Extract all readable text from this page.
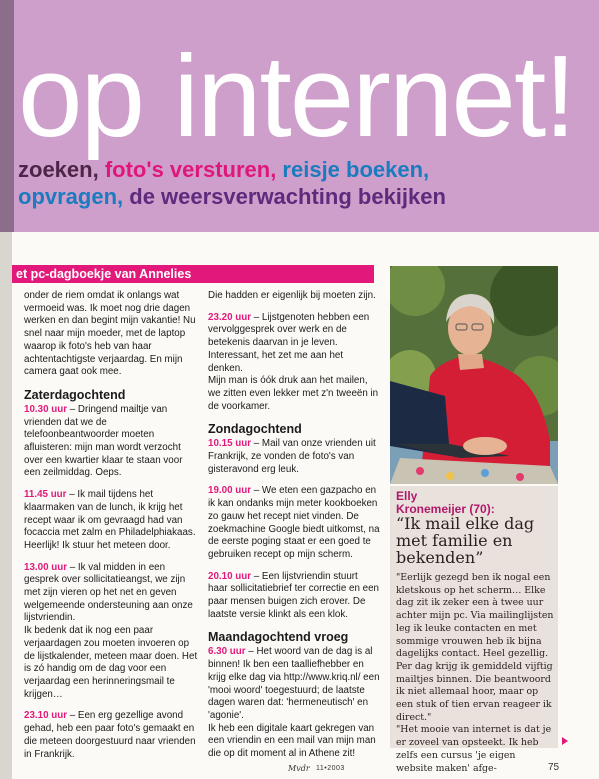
op internet!
zoeken, foto's versturen, reisje boeken,
opvragen, de weersverwachting bekijken
et pc-dagboekje van Annelies

onder de riem omdat ik onlangs wat vermoeid was. Ik moet nog drie dagen werken en dan begint mijn vakantie! Nu snel naar mijn moeder, met de laptop waarop ik foto's heb van haar achtentachtigste verjaardag. En mijn camera gaat ook mee.

Zaterdagochtend

10.30 uur – Dringend mailtje van vrienden dat we de telefoonbeantwoorder moeten afluisteren: mijn man wordt verzocht over een kwartier klaar te staan voor een zeilmiddag. Oeps.

11.45 uur – Ik mail tijdens het klaarmaken van de lunch, ik krijg het recept waar ik om gevraagd had van focaccia met zalm en Philadelphiakaas. Heerlijk! Ik stuur het meteen door.

13.00 uur – Ik val midden in een gesprek over sollicitatieangst, we zijn met zijn vieren op het net en geven welgemeende ondersteuning aan onze lijstvriendin.

Ik bedenk dat ik nog een paar verjaardagen zou moeten invoeren op de lijstkalender, meteen maar doen. Het is zó handig om de dag voor een verjaardag een herinneringsmail te krijgen…

23.10 uur – Een erg gezellige avond gehad, heb een paar foto's gemaakt en die meteen doorgestuurd naar vrienden in Frankrijk.

Die hadden er eigenlijk bij moeten zijn.

23.20 uur – Lijstgenoten hebben een vervolggesprek over werk en de betekenis daarvan in je leven. Interessant, het zet me aan het denken.

Mijn man is óók druk aan het mailen, we zitten even lekker met z'n tweeën in de voorkamer.

Zondagochtend

10.15 uur – Mail van onze vrienden uit Frankrijk, ze vonden de foto's van gisteravond erg leuk.

19.00 uur – We eten een gazpacho en ik kan ondanks mijn meter kookboeken zo gauw het recept niet vinden. De zoekmachine Google biedt uitkomst, na de eerste poging staat er een goed te gebruiken recept op mijn scherm.

20.10 uur – Een lijstvriendin stuurt haar sollicitatiebrief ter correctie en een paar mensen buigen zich erover. De laatste versie klinkt als een klok.

Maandagochtend vroeg

6.30 uur – Het woord van de dag is al binnen! Ik ben een taalliefhebber en krijg elke dag via http://www.kriq.nl/ een 'mooi woord' toegestuurd; de laatste dagen waren dat: 'hermeneutisch' en 'agonie'.

Ik heb een digitale kaart gekregen van een vriendin en een mail van mijn man die op dit moment al in Athene zit!

Elly
Kronemeijer (70):
“Ik mail elke dag met familie en bekenden”

"Eerlijk gezegd ben ik nogal een kletskous op het scherm… Elke dag zit ik zeker een à twee uur achter mijn pc. Via mailinglijsten leg ik leuke contacten en met sommige vrouwen heb ik bijna dagelijks contact. Heel gezellig. Per dag krijg ik gemiddeld vijftig mailtjes binnen. Die beantwoord ik niet allemaal hoor, maar op een stuk of tien ervan reageer ik direct."

"Het mooie van internet is dat je er zoveel van opsteekt. Ik heb zelfs een cursus 'je eigen website maken' afge-

Mvdr 11•2003	75
